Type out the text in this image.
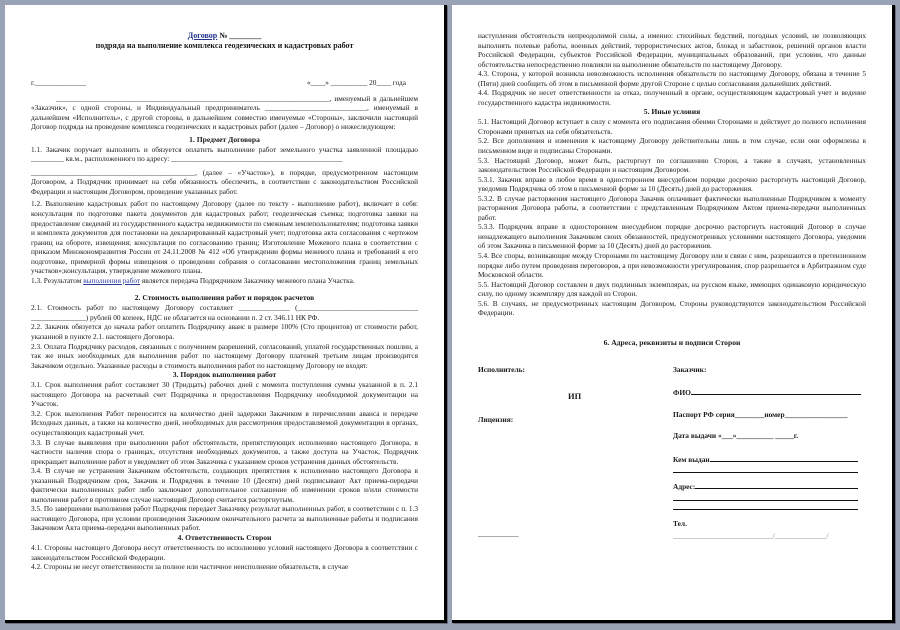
Договор № ________
подряда на выполнение комплекса геодезических и кадастровых работ
г.______________	«____» __________ 20____ года

___________________________________________________________________________, именуемый в дальнейшем «Заказчик», с одной стороны, и Индивидуальный предприниматель ____________________________, именуемый в дальнейшем «Исполнитель», с другой стороны, в дальнейшем совместно именуемые «Стороны», заключили настоящий Договор подряда на проведение комплекса геодезических и кадастровых работ (далее – Договор) о нижеследующем:

1. Предмет Договора

1.1. Закачик поручает выполнить и обязуется оплатить выполнение работ земельного участка заявленной площадью _________ кв.м., расположенного по адресу: _______________________________________________

_____________________________________________, (далее – «Участок»), в порядке, предусмотренном настоящим Договором, а Подрядчик принимает на себя обязанность обеспечить, в соответствии с законодательством Российской Федерации и настоящим Договором, проведение указанных работ.

1.2. Выполнение кадастровых работ по настоящему Договору (далее по тексту - выполнение работ), включает в себя: консультация по подготовке пакета документов для кадастровых работ; геодезическая съемка; подготовка заявки на предоставление сведений из государственного кадастра недвижимости по смежным землепользователям; подготовка заявки и комплекта документов для постановки на декларированный кадастровый учет; подготовка акта согласования с чертежом границ на обороте, извещения; консультация по согласованию границ; Изготовление Межевого плана в соответствии с приказом Минэкономразвития России от 24.11.2008 № 412 «Об утверждении формы межевого плана и требований к его подготовке, примерной формы извещения о проведении собрания о согласовании местоположения границ земельных участков»;консультация, утверждение межевого плана.

1.3. Результатом выполнения работ является передача Подрядчиком Заказчику межевого плана Участка.

2. Стоимость выполнения работ и порядок расчетов

2.1. Стоимость работ по настоящему Договору составляет ______________ (_________________________________ _______________) рублей 00 копеек, НДС не облагается на основании п. 2 ст. 346.11 НК РФ.

2.2. Закачик обязуется до начала работ оплатить Подрядчику аванс в размере 100% (Сто процентов) от стоимости работ, указанной в пункте 2.1. настоящего Договора.

2.3. Оплата Подрядчику расходов, связанных с получением разрешений, согласований, уплатой государственных пошлин, а так же иных необходимых для выполнения работ по настоящему Договору платежей третьим лицам производится Закачиком отдельно. Указанные расходы в стоимость выполнения работ по настоящему Договору не входят.

3. Порядок выполнения работ

3.1. Срок выполнения работ составляет 30 (Тридцать) рабочих дней с момента поступления суммы указанной в п. 2.1 настоящего Договора на расчетный счет Подрядчика и предоставления Подрядчику необходимой документации на Участок.

3.2. Срок выполнения Работ переносится на количество дней задержки Закачиком в перечислении аванса и передаче Исходных данных, а также на количество дней, необходимых для рассмотрения предоставляемой документации в органах, осуществляющих кадастровый учет.

3.3. В случае выявления при выполнении работ обстоятельств, препятствующих исполнению настоящего Договора, в частности наличия спора о границах, отсутствия необходимых документов, а также доступа на Участок, Подрядчик прекращает выполнение работ и уведомляет об этом Заказчика с указанием сроков устранения данных обстоятельств.

3.4. В случае не устранения Закачиком обстоятельств, создающих препятствия к исполнению настоящего Договора в указанный Подрядчиком срок, Закачик и Подрядчик в течение 10 (Десяти) дней подписывают Акт приема-передачи фактически выполненных работ либо заключают дополнительное соглашение об изменении сроков и/или стоимости выполнения работ в противном случае настоящий Договор считается расторгнутым.

3.5. По завершении выполнения работ Подрядчик передает Заказчику результат выполненных работ, в соответствии с п. 1.3 настоящего Договора, при условии произведения Закачиком окончательного расчета за выполненные работы и подписания Закачиком Акта приема-передачи выполненных работ.

4. Ответственность Сторон

4.1. Стороны настоящего Договора несут ответственность по исполнению условий настоящего Договора в соответствии с законодательством Российской Федерации.

4.2. Стороны не несут ответственности за полное или частичное неисполнение обязательств, в случае

наступления обстоятельств непреодолимой силы, а именно: стихийных бедствий, погодных условий, не позволяющих выполнять полевые работы, военных действий, террористических актов, блокад и забастовок, решений органов власти Российской Федерации, субъектов Российской Федерации, муниципальных образований, при условии, что данные обстоятельства непосредственно повлияли на выполнение обязательств по настоящему Договору.

4.3. Сторона, у которой возникла невозможность исполнения обязательств по настоящему Договору, обязана в течение 5 (Пяти) дней сообщить об этом в письменной форме другой Стороне с целью согласования дальнейших действий.

4.4. Подрядчик не несет ответственности за отказ, полученный в органе, осуществляющем кадастровый учет и ведение государственного кадастра недвижимости.

5. Иные условия

5.1. Настоящий Договор вступает в силу с момента его подписания обеими Сторонами и действует до полного исполнения Сторонами принятых на себя обязательств.

5.2. Все дополнения и изменения к настоящему Договору действительны лишь в том случае, если они оформлены в письменном виде и подписаны Сторонами.

5.3. Настоящий Договор, может быть, расторгнут по соглашению Сторон, а также в случаях, установленных законодательством Российской Федерации и настоящим Договором.

5.3.1. Закачик вправе в любое время в одностороннем внесудебном порядке досрочно расторгнуть настоящий Договор, уведомив Подрядчика об этом в письменной форме за 10 (Десять) дней до расторжения.

5.3.2. В случае расторжения настоящего Договора Закачик оплачивает фактически выполненные Подрядчиком к моменту расторжения Договора работы, в соответствии с представленным Подрядчиком Актом приема-передачи выполненных работ.

5.3.3. Подрядчик вправе в одностороннем внесудебном порядке досрочно расторгнуть настоящий Договор в случае ненадлежащего выполнения Закачиком своих обязанностей, предусмотренных условиями настоящего Договора, уведомив об этом Закачика в письменной форме за 10 (Десять) дней до расторжения.

5.4. Все споры, возникающие между Сторонами по настоящему Договору или в связи с ним, разрешаются в претензионном порядке либо путем проведения переговоров, а при невозможности урегулирования, спор разрешается в Арбитражном суде Московской области.

5.5. Настоящий Договор составлен в двух подлинных экземплярах, на русском языке, имеющих одинаковую юридическую силу, по одному экземпляру для каждой из Сторон.

5.6. В случаях, не предусмотренных настоящим Договором, Стороны руководствуются законодательством Российской Федерации.

6. Адреса, реквизиты и подписи Сторон
Исполнитель:
ИП
Лицензия:
___________
Заказчик:
ФИО
Паспорт РФ серия________номер_________________
Дата выдачи «___»__________ _____г.
Кем выдан
Адрес:
Тел.
___________________________/______________/
